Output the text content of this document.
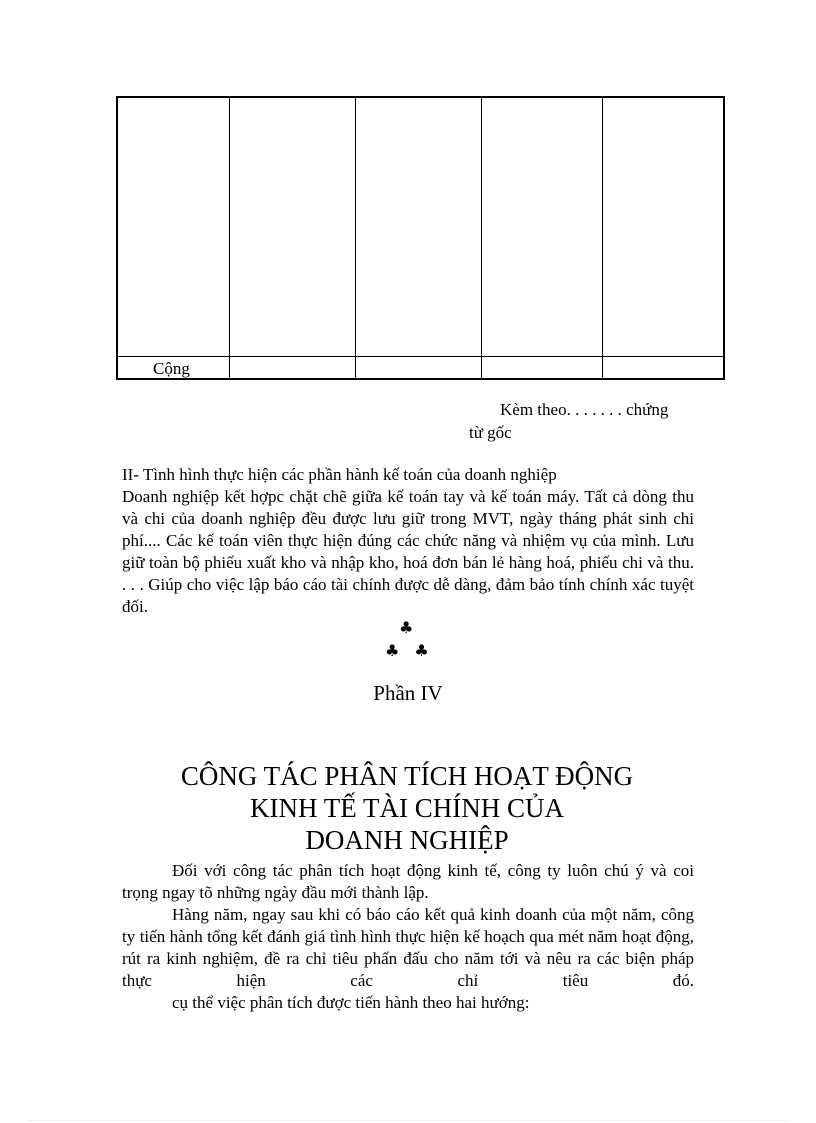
Cộng				
Kèm theo. . . . . . . chứng
từ gốc

II- Tình hình thực hiện các phần hành kế toán của doanh nghiệp

Doanh nghiệp kết hợpc chặt chẽ giữa kế toán tay và kế toán máy. Tất cả dòng thu và chi của doanh nghiệp đều được lưu giữ trong MVT, ngày tháng phát sinh chi phí.... Các kế toán viên thực hiện đúng các chức năng và nhiệm vụ của mình. Lưu giữ toàn bộ phiếu xuất kho và nhập kho, hoá đơn bán lẻ hàng hoá, phiếu chi và thu. . . . Giúp cho việc lập báo cáo tài chính được dễ dàng, đảm bảo tính chính xác tuyệt đối.

♣
♣♣
Phần IV
CÔNG TÁC PHÂN TÍCH HOẠT ĐỘNG
KINH TẾ TÀI CHÍNH CỦA
DOANH NGHIỆP

Đối với công tác phân tích hoạt động kinh tế, công ty luôn chú ý và coi trọng ngay tõ những ngày đầu mới thành lập.

Hàng năm, ngay sau khi có báo cáo kết quả kinh doanh của một năm, công ty tiến hành tổng kết đánh giá tình hình thực hiện kế hoạch qua mét năm hoạt động, rút ra kinh nghiệm, đề ra chỉ tiêu phấn đấu cho năm tới và nêu ra các biện pháp thực hiện các chỉ tiêu đó.

cụ thể việc phân tích được tiến hành theo hai hướng:
